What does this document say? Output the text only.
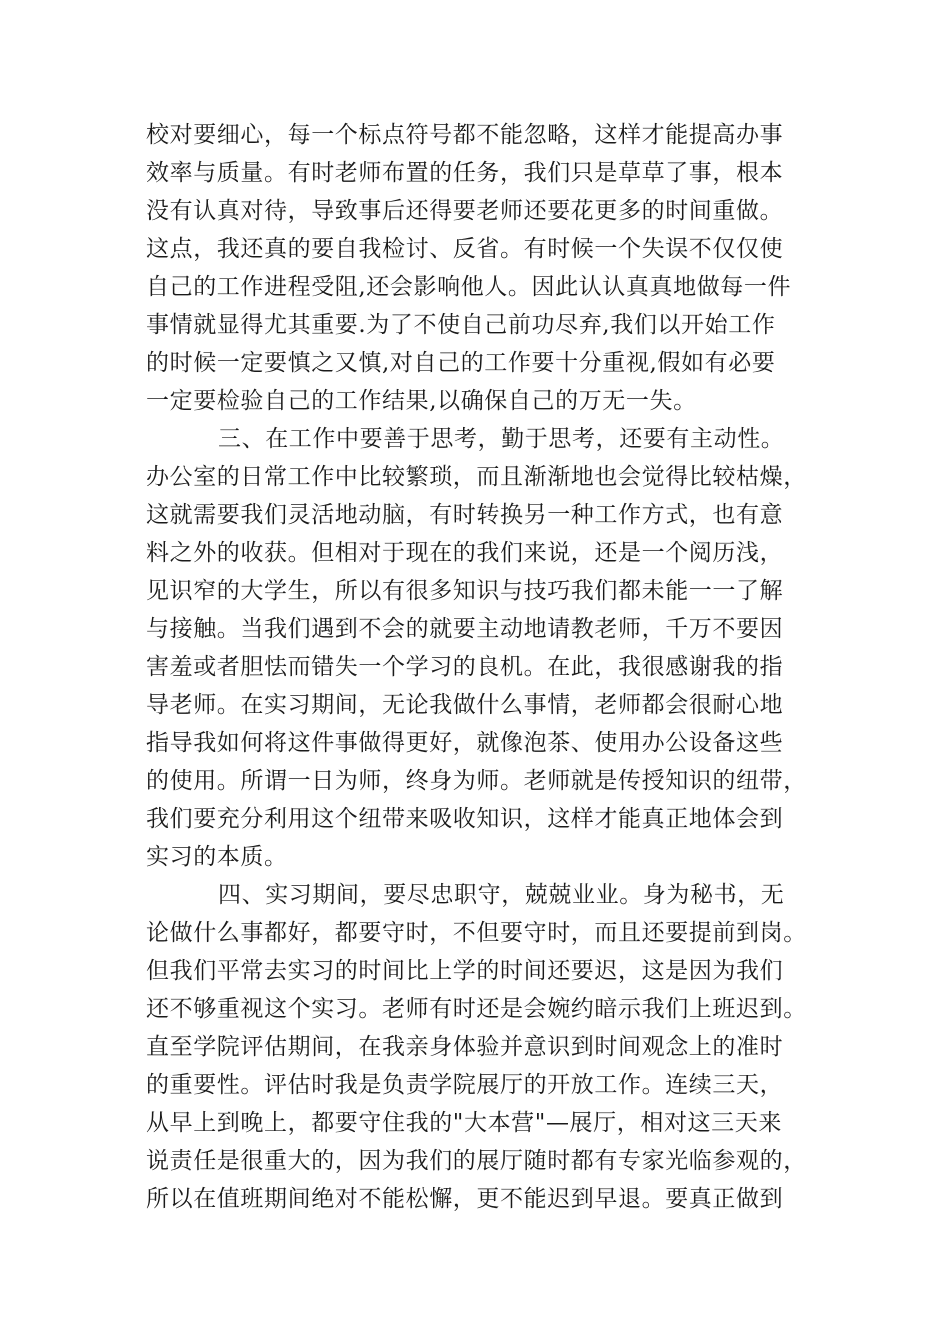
校对要细心，每一个标点符号都不能忽略，这样才能提高办事
效率与质量。有时老师布置的任务，我们只是草草了事，根本
没有认真对待，导致事后还得要老师还要花更多的时间重做。
这点，我还真的要自我检讨、反省。有时候一个失误不仅仅使
自己的工作进程受阻,还会影响他人。因此认认真真地做每一件
事情就显得尤其重要.为了不使自己前功尽弃,我们以开始工作
的时候一定要慎之又慎,对自己的工作要十分重视,假如有必要
一定要检验自己的工作结果,以确保自己的万无一失。
三、在工作中要善于思考，勤于思考，还要有主动性。
办公室的日常工作中比较繁琐，而且渐渐地也会觉得比较枯燥，
这就需要我们灵活地动脑，有时转换另一种工作方式，也有意
料之外的收获。但相对于现在的我们来说，还是一个阅历浅，
见识窄的大学生，所以有很多知识与技巧我们都未能一一了解
与接触。当我们遇到不会的就要主动地请教老师，千万不要因
害羞或者胆怯而错失一个学习的良机。在此，我很感谢我的指
导老师。在实习期间，无论我做什么事情，老师都会很耐心地
指导我如何将这件事做得更好，就像泡茶、使用办公设备这些
的使用。所谓一日为师，终身为师。老师就是传授知识的纽带，
我们要充分利用这个纽带来吸收知识，这样才能真正地体会到
实习的本质。
四、实习期间，要尽忠职守，兢兢业业。身为秘书，无
论做什么事都好，都要守时，不但要守时，而且还要提前到岗。
但我们平常去实习的时间比上学的时间还要迟，这是因为我们
还不够重视这个实习。老师有时还是会婉约暗示我们上班迟到。
直至学院评估期间，在我亲身体验并意识到时间观念上的准时
的重要性。评估时我是负责学院展厅的开放工作。连续三天，
从早上到晚上，都要守住我的"大本营"—展厅，相对这三天来
说责任是很重大的，因为我们的展厅随时都有专家光临参观的，
所以在值班期间绝对不能松懈，更不能迟到早退。要真正做到
